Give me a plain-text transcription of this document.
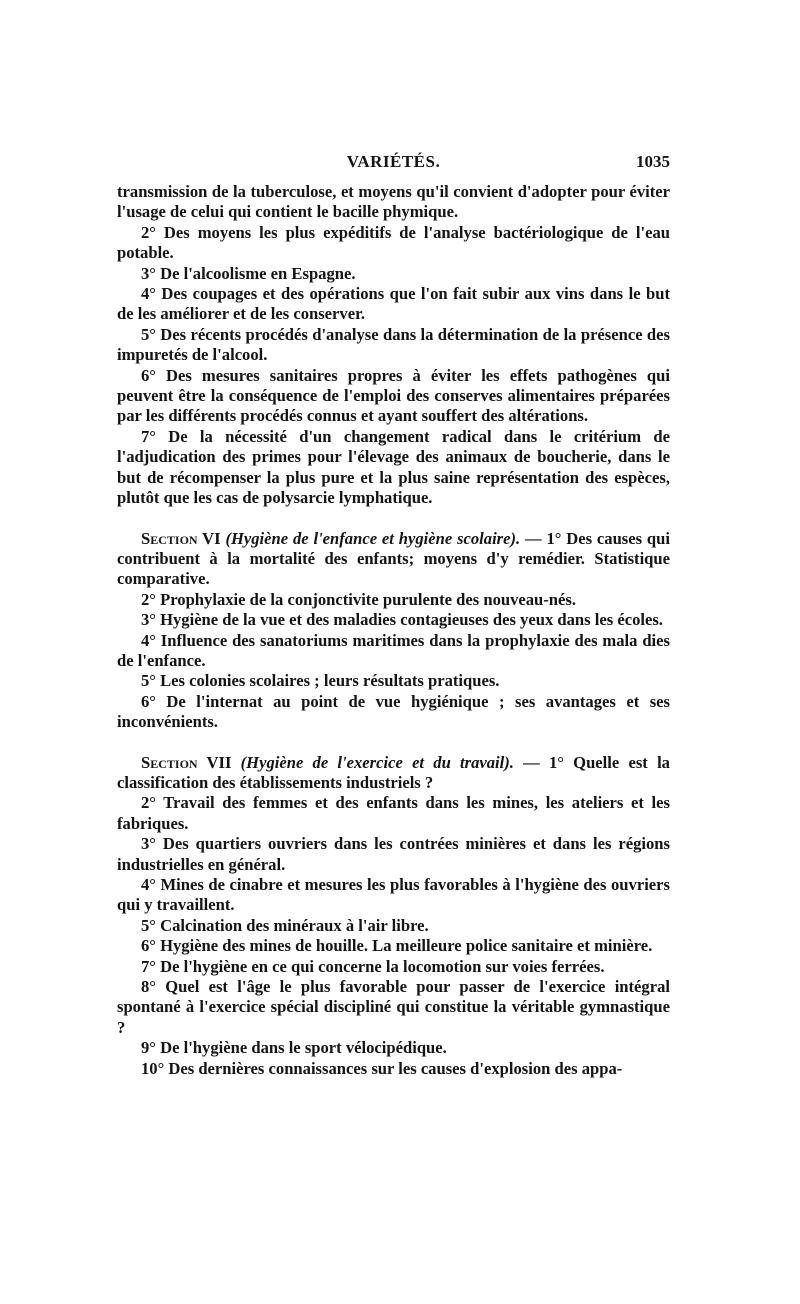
VARIÉTÉS.	1035

transmission de la tuberculose, et moyens qu'il convient d'adopter pour éviter l'usage de celui qui contient le bacille phymique.

2° Des moyens les plus expéditifs de l'analyse bactériologique de l'eau potable.

3° De l'alcoolisme en Espagne.

4° Des coupages et des opérations que l'on fait subir aux vins dans le but de les améliorer et de les conserver.

5° Des récents procédés d'analyse dans la détermination de la présence des impuretés de l'alcool.

6° Des mesures sanitaires propres à éviter les effets pathogènes qui peuvent être la conséquence de l'emploi des conserves alimentaires préparées par les différents procédés connus et ayant souffert des altérations.

7° De la nécessité d'un changement radical dans le critérium de l'adjudication des primes pour l'élevage des animaux de boucherie, dans le but de récompenser la plus pure et la plus saine représentation des espèces, plutôt que les cas de polysarcie lymphatique.

Section VI (Hygiène de l'enfance et hygiène scolaire). — 1° Des causes qui contribuent à la mortalité des enfants; moyens d'y remédier. Statistique comparative.

2° Prophylaxie de la conjonctivite purulente des nouveau-nés.

3° Hygiène de la vue et des maladies contagieuses des yeux dans les écoles.

4° Influence des sanatoriums maritimes dans la prophylaxie des mala dies de l'enfance.

5° Les colonies scolaires ; leurs résultats pratiques.

6° De l'internat au point de vue hygiénique ; ses avantages et ses inconvénients.

Section VII (Hygiène de l'exercice et du travail). — 1° Quelle est la classification des établissements industriels ?

2° Travail des femmes et des enfants dans les mines, les ateliers et les fabriques.

3° Des quartiers ouvriers dans les contrées minières et dans les régions industrielles en général.

4° Mines de cinabre et mesures les plus favorables à l'hygiène des ouvriers qui y travaillent.

5° Calcination des minéraux à l'air libre.

6° Hygiène des mines de houille. La meilleure police sanitaire et minière.

7° De l'hygiène en ce qui concerne la locomotion sur voies ferrées.

8° Quel est l'âge le plus favorable pour passer de l'exercice intégral spontané à l'exercice spécial discipliné qui constitue la véritable gymnastique ?

9° De l'hygiène dans le sport vélocipédique.

10° Des dernières connaissances sur les causes d'explosion des appa-
